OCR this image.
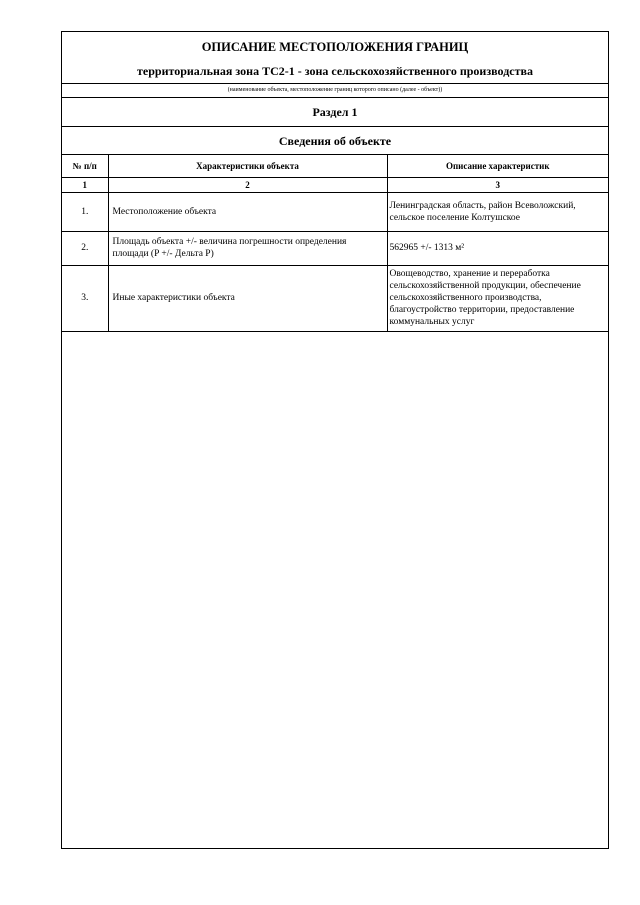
ОПИСАНИЕ МЕСТОПОЛОЖЕНИЯ ГРАНИЦ
территориальная зона ТС2-1 - зона сельскохозяйственного производства
(наименование объекта, местоположение границ которого описано (далее - объект))
Раздел 1
Сведения об объекте
№ п/п	Характеристики объекта	Описание характеристик
1	2	3
1.	Местоположение объекта	Ленинградская область, район Всеволожский, сельское поселение Колтушское
2.	Площадь объекта +/- величина погрешности определения площади (P +/- Дельта P)	562965 +/- 1313 м²
3.	Иные характеристики объекта	Овощеводство, хранение и переработка сельскохозяйственной продукции, обеспечение сельскохозяйственного производства, благоустройство территории, предоставление коммунальных услуг
